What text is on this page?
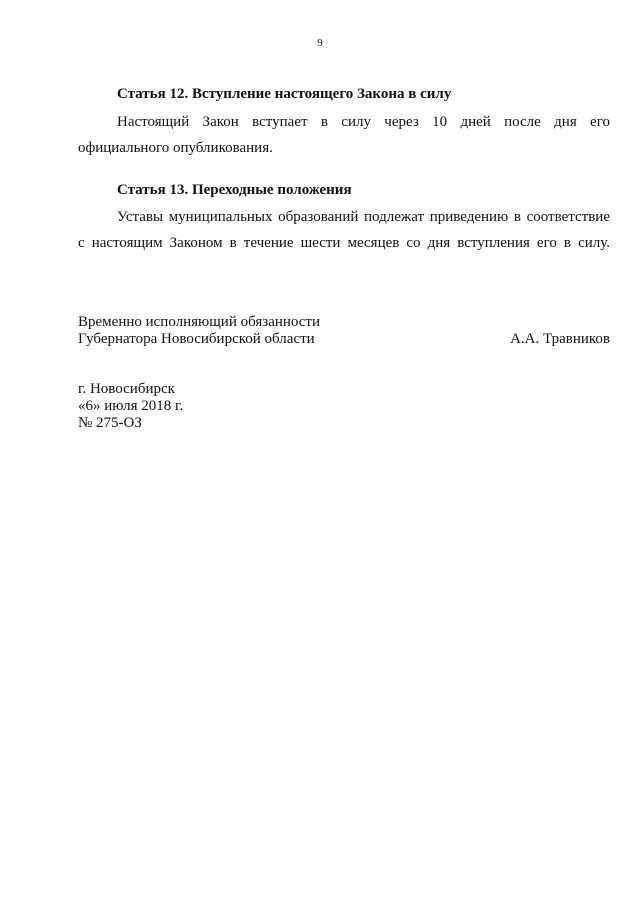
9
Статья 12. Вступление настоящего Закона в силу
Настоящий Закон вступает в силу через 10 дней после дня его
официального опубликования.
Статья 13. Переходные положения
Уставы муниципальных образований подлежат приведению в соответствие
с настоящим Законом в течение шести месяцев со дня вступления его в силу.
Временно исполняющий обязанности
Губернатора Новосибирской области	А.А. Травников
г. Новосибирск
«6» июля 2018 г.
№ 275-ОЗ
